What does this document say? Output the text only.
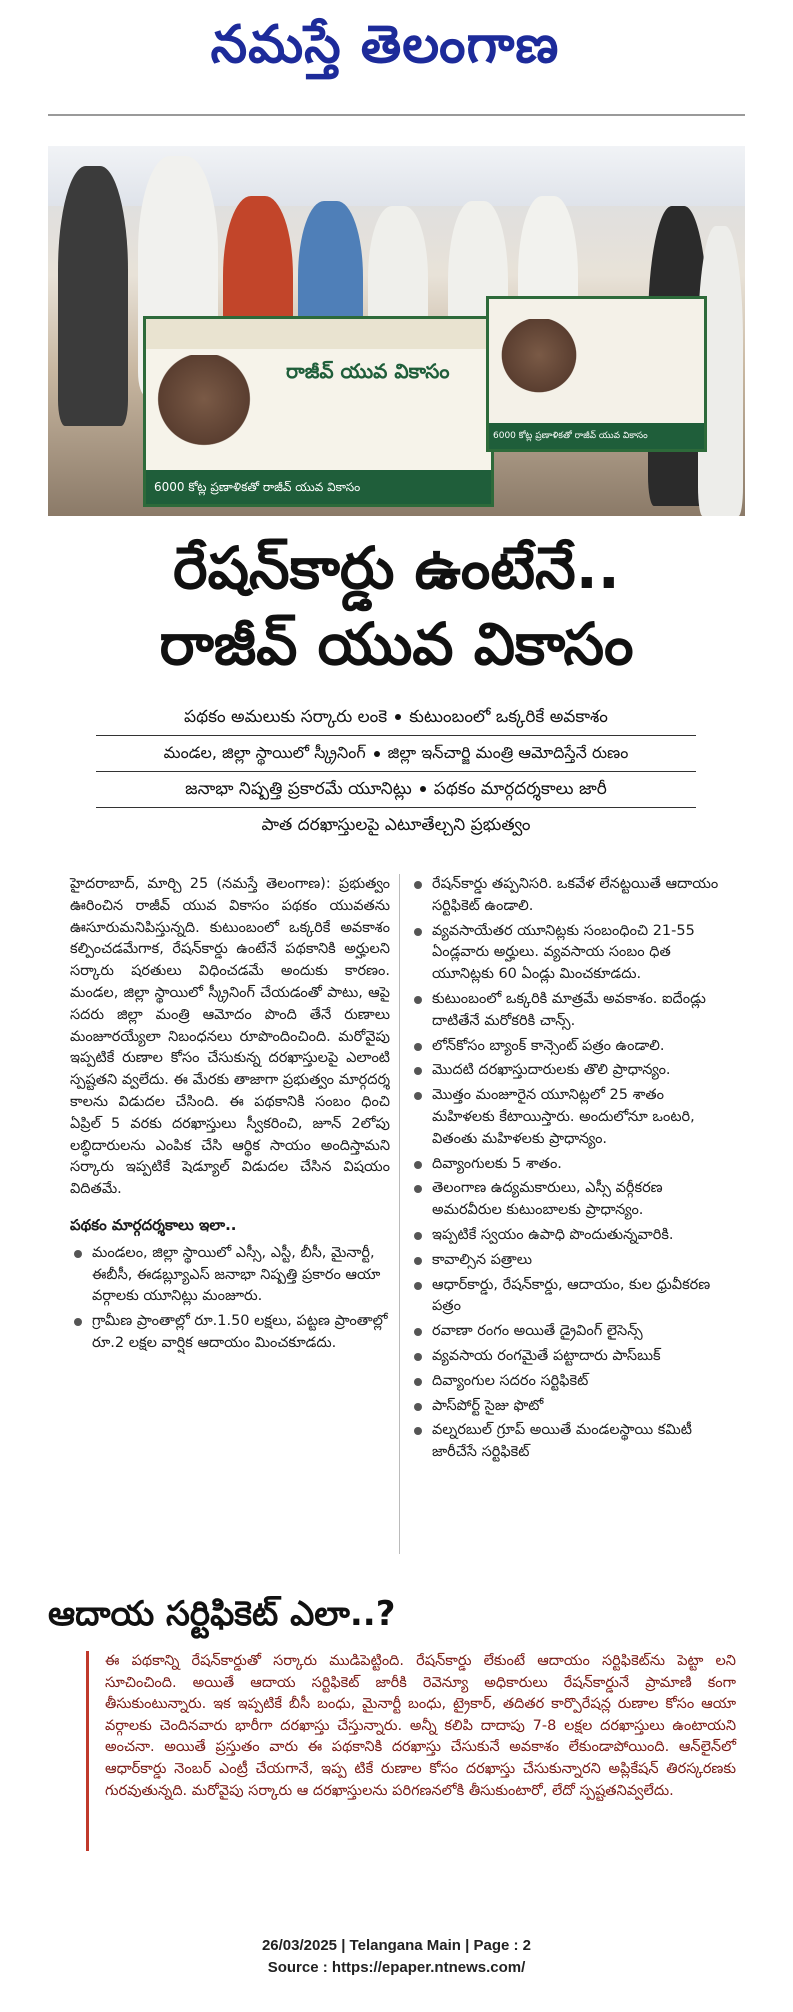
నమస్తే తెలంగాణ
రాజీవ్ యువ వికాసం
6000 కోట్ల ప్రణాళికతో రాజీవ్ యువ వికాసం
6000 కోట్ల ప్రణాళికతో రాజీవ్ యువ వికాసం
రేషన్‌కార్డు ఉంటేనే..
రాజీవ్ యువ వికాసం
పథకం అమలుకు సర్కారు లంకె కుటుంబంలో ఒక్కరికే అవకాశం
మండల, జిల్లా స్థాయిలో స్క్రీనింగ్ జిల్లా ఇన్‌చార్జి మంత్రి ఆమోదిస్తేనే రుణం
జనాభా నిష్పత్తి ప్రకారమే యూనిట్లు పథకం మార్గదర్శకాలు జారీ
పాత దరఖాస్తులపై ఎటూతేల్చని ప్రభుత్వం

హైదరాబాద్, మార్చి 25 (నమస్తే తెలంగాణ): ప్రభుత్వం ఊరించిన రాజీవ్ యువ వికాసం పథకం యువతను ఊసూరుమనిపిస్తున్నది. కుటుంబంలో ఒక్కరికే అవకాశం కల్పించడమేగాక, రేషన్‌కార్డు ఉంటేనే పథకానికి అర్హులని సర్కారు షరతులు విధించడమే అందుకు కారణం. మండల, జిల్లా స్థాయిలో స్క్రీనింగ్ చేయడంతో పాటు, ఆపై సదరు జిల్లా మంత్రి ఆమోదం పొంది తేనే రుణాలు మంజూరయ్యేలా నిబంధనలు రూపొందించింది. మరోవైపు ఇప్పటికే రుణాల కోసం చేసుకున్న దరఖాస్తులపై ఎలాంటి స్పష్టతని వ్వలేదు. ఈ మేరకు తాజాగా ప్రభుత్వం మార్గదర్శ కాలను విడుదల చేసింది. ఈ పథకానికి సంబం ధించి ఏప్రిల్ 5 వరకు దరఖాస్తులు స్వీకరించి, జూన్ 2లోపు లబ్ధిదారులను ఎంపిక చేసి ఆర్థిక సాయం అందిస్తామని సర్కారు ఇప్పటికే షెడ్యూల్ విడుదల చేసిన విషయం విదితమే.

పథకం మార్గదర్శకాలు ఇలా..
మండలం, జిల్లా స్థాయిలో ఎస్సీ, ఎస్టీ, బీసీ, మైనార్టీ, ఈబీసీ, ఈడబ్ల్యూఎస్ జనాభా నిష్పత్తి ప్రకారం ఆయా వర్గాలకు యూనిట్లు మంజూరు.
గ్రామీణ ప్రాంతాల్లో రూ.1.50 లక్షలు, పట్టణ ప్రాంతాల్లో రూ.2 లక్షల వార్షిక ఆదాయం మించకూడదు.
రేషన్‌కార్డు తప్పనిసరి. ఒకవేళ లేనట్టయితే ఆదాయం సర్టిఫికెట్ ఉండాలి.
వ్యవసాయేతర యూనిట్లకు సంబంధించి 21-55 ఏండ్లవారు అర్హులు. వ్యవసాయ సంబం ధిత యూనిట్లకు 60 ఏండ్లు మించకూడదు.
కుటుంబంలో ఒక్కరికి మాత్రమే అవకాశం. ఐదేండ్లు దాటితేనే మరోకరికి చాన్స్.
లోన్‌కోసం బ్యాంక్ కాన్సెంట్ పత్రం ఉండాలి.
మొదటి దరఖాస్తుదారులకు తొలి ప్రాధాన్యం.
మొత్తం మంజూరైన యూనిట్లలో 25 శాతం మహిళలకు కేటాయిస్తారు. అందులోనూ ఒంటరి, వితంతు మహిళలకు ప్రాధాన్యం.
దివ్యాంగులకు 5 శాతం.
తెలంగాణ ఉద్యమకారులు, ఎస్సీ వర్గీకరణ అమరవీరుల కుటుంబాలకు ప్రాధాన్యం.
ఇప్పటికే స్వయం ఉపాధి పొందుతున్నవారికి.
కావాల్సిన పత్రాలు
ఆధార్‌కార్డు, రేషన్‌కార్డు, ఆదాయం, కుల ధ్రువీకరణ పత్రం
రవాణా రంగం అయితే డ్రైవింగ్ లైసెన్స్
వ్యవసాయ రంగమైతే పట్టాదారు పాస్‌బుక్
దివ్యాంగుల సదరం సర్టిఫికెట్
పాస్‌పోర్ట్ సైజు ఫొటో
వల్నరబుల్ గ్రూప్ అయితే మండలస్థాయి కమిటీ జారీచేసే సర్టిఫికెట్
ఆదాయ సర్టిఫికెట్ ఎలా..?

ఈ పథకాన్ని రేషన్‌కార్డుతో సర్కారు ముడిపెట్టింది. రేషన్‌కార్డు లేకుంటే ఆదాయం సర్టిఫికెట్‌ను పెట్టా లని సూచించింది. అయితే ఆదాయ సర్టిఫికెట్ జారీకి రెవెన్యూ అధికారులు రేషన్‌కార్డునే ప్రామాణి కంగా తీసుకుంటున్నారు. ఇక ఇప్పటికే బీసీ బంధు, మైనార్టీ బంధు, ట్రైకార్, తదితర కార్పొరేషన్ల రుణాల కోసం ఆయా వర్గాలకు చెందినవారు భారీగా దరఖాస్తు చేస్తున్నారు. అన్నీ కలిపి దాదాపు 7-8 లక్షల దరఖాస్తులు ఉంటాయని అంచనా. అయితే ప్రస్తుతం వారు ఈ పథకానికి దరఖాస్తు చేసుకునే అవకాశం లేకుండాపోయింది. ఆన్‌లైన్‌లో ఆధార్‌కార్డు నెంబర్ ఎంట్రీ చేయగానే, ఇప్ప టికే రుణాల కోసం దరఖాస్తు చేసుకున్నారని అప్లికేషన్ తిరస్కరణకు గురవుతున్నది. మరోవైపు సర్కారు ఆ దరఖాస్తులను పరిగణనలోకి తీసుకుంటారో, లేదో స్పష్టతనివ్వలేదు.

26/03/2025 | Telangana Main | Page : 2
Source : https://epaper.ntnews.com/
